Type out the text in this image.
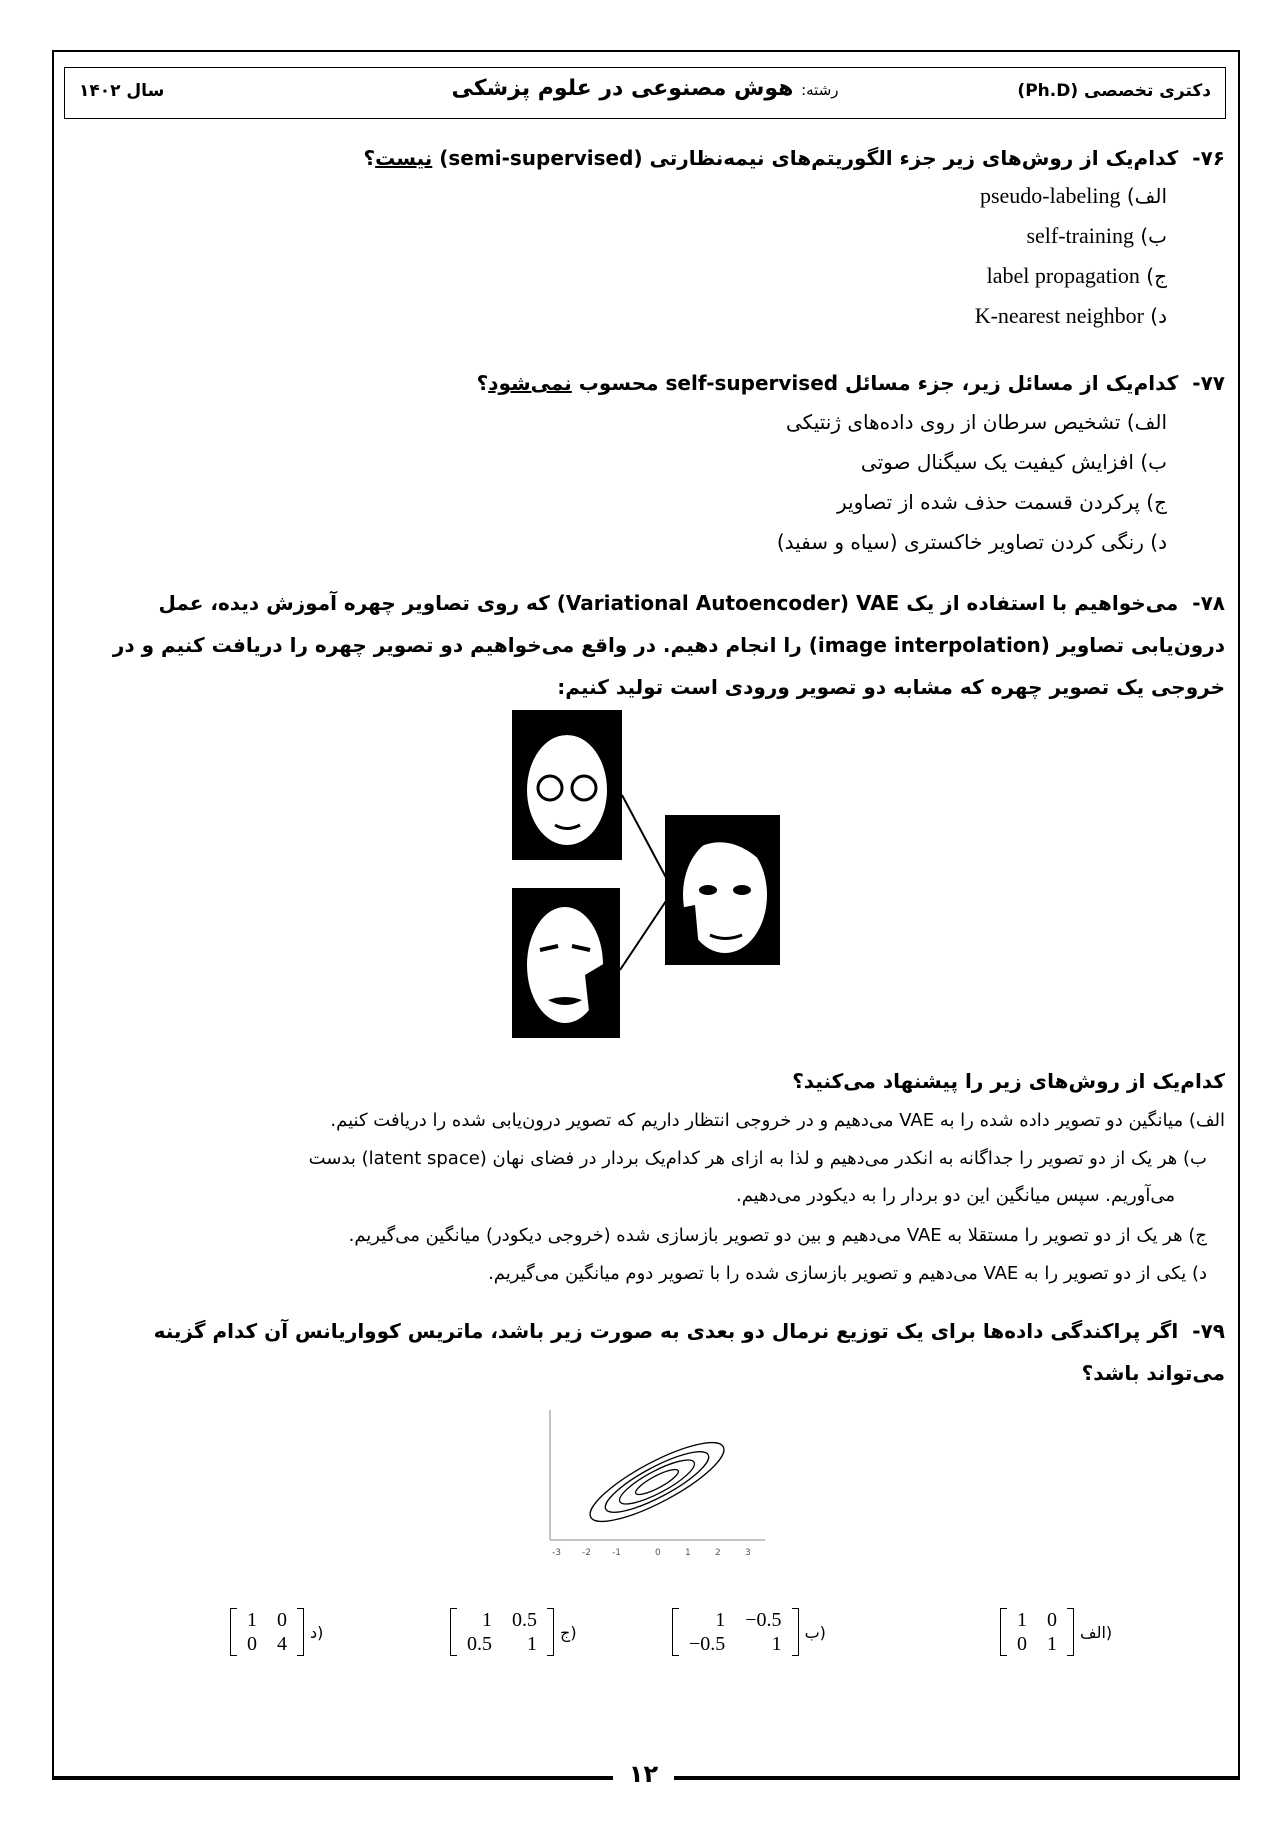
دکتری تخصصی (Ph.D)
رشته: هوش مصنوعی در علوم پزشکی
سال ۱۴۰۲
۷۶-کدام‌یک از روش‌های زیر جزء الگوریتم‌های نیمه‌نظارتی (semi-supervised) نیست؟
الف) pseudo-labeling
ب) self-training
ج) label propagation
د) K-nearest neighbor
۷۷-کدام‌یک از مسائل زیر، جزء مسائل self-supervised محسوب نمی‌شود؟
الف) تشخیص سرطان از روی داده‌های ژنتیکی
ب) افزایش کیفیت یک سیگنال صوتی
ج) پرکردن قسمت حذف شده از تصاویر
د) رنگی کردن تصاویر خاکستری (سیاه و سفید)
۷۸-می‌خواهیم با استفاده از یک Variational Autoencoder) VAE) که روی تصاویر چهره آموزش دیده، عمل
درون‌یابی تصاویر (image interpolation) را انجام دهیم. در واقع می‌خواهیم دو تصویر چهره را دریافت کنیم و در
خروجی یک تصویر چهره که مشابه دو تصویر ورودی است تولید کنیم:
کدام‌یک از روش‌های زیر را پیشنهاد می‌کنید؟
الف) میانگین دو تصویر داده شده را به VAE می‌دهیم و در خروجی انتظار داریم که تصویر درون‌یابی شده را دریافت کنیم.
ب) هر یک از دو تصویر را جداگانه به انکدر می‌دهیم و لذا به ازای هر کدام‌یک بردار در فضای نهان (latent space) بدست
می‌آوریم. سپس میانگین این دو بردار را به دیکودر می‌دهیم.
ج) هر یک از دو تصویر را مستقلا به VAE می‌دهیم و بین دو تصویر بازسازی شده (خروجی دیکودر) میانگین می‌گیریم.
د) یکی از دو تصویر را به VAE می‌دهیم و تصویر بازسازی شده را با تصویر دوم میانگین می‌گیریم.
۷۹-اگر پراکندگی داده‌ها برای یک توزیع نرمال دو بعدی به صورت زیر باشد، ماتریس کوواریانس آن کدام گزینه
می‌تواند باشد؟
-3 -2 -1	0	1	2	3
1	0
0	1
الف)
1	−0.5
−0.5	1
ب)
1	0.5
0.5	1
ج)
1	0
0	4
د)
۱۲
